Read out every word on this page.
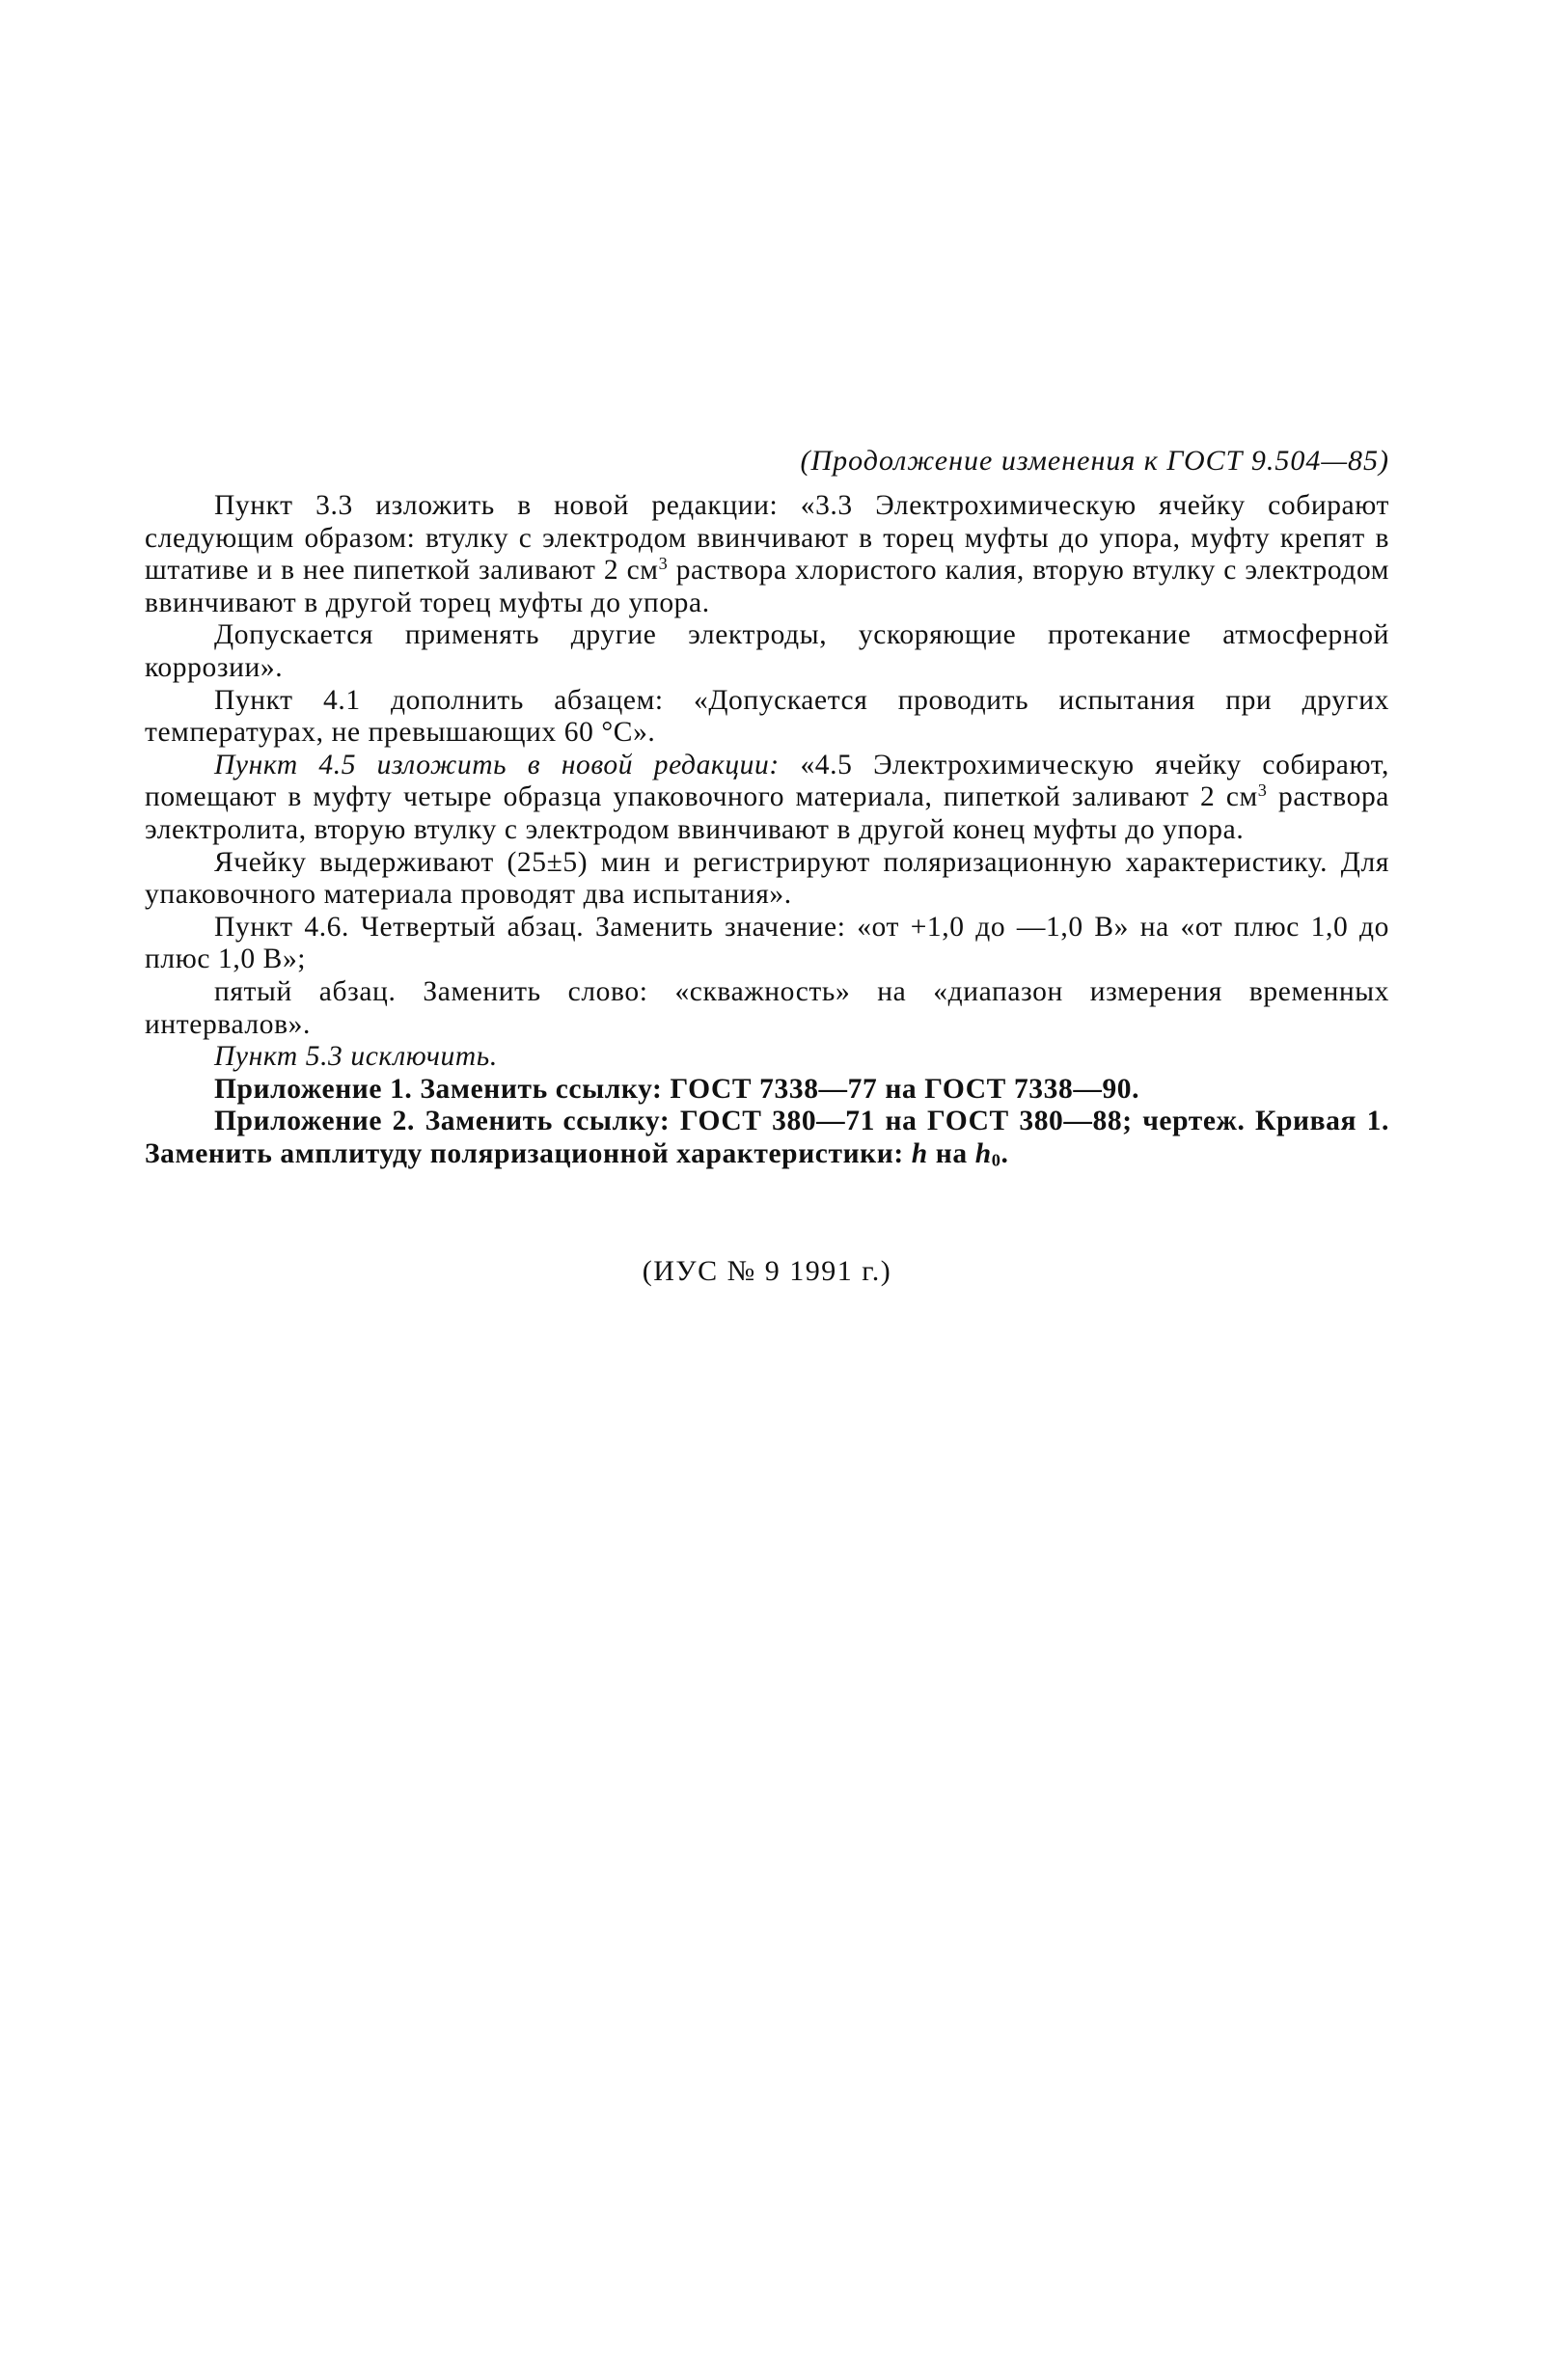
(Продолжение изменения к ГОСТ 9.504—85)

Пункт 3.3 изложить в новой редакции: «3.3 Электрохимическую ячейку собирают следующим образом: втулку с электродом ввинчивают в торец муфты до упора, муфту крепят в штативе и в нее пипеткой заливают 2 $см^3$ раствора хлористого калия, вторую втулку с электродом ввинчивают в другой торец муфты до упора.

Допускается применять другие электроды, ускоряющие протекание атмосферной коррозии».

Пункт 4.1 дополнить абзацем: «Допускается проводить испытания при других температурах, не превышающих 60 °С».

Пункт 4.5 изложить в новой редакции: «4.5 Электрохимическую ячейку собирают, помещают в муфту четыре образца упаковочного материала, пипеткой заливают 2 $см^3$ раствора электролита, вторую втулку с электродом ввинчивают в другой конец муфты до упора.

Ячейку выдерживают (25±5) мин и регистрируют поляризационную характеристику. Для упаковочного материала проводят два испытания».

Пункт 4.6. Четвертый абзац. Заменить значение: «от +1,0 до —1,0 В» на «от плюс 1,0 до плюс 1,0 В»;

пятый абзац. Заменить слово: «скважность» на «диапазон измерения временных интервалов».

Пункт 5.3 исключить.

Приложение 1. Заменить ссылку: ГОСТ 7338—77 на ГОСТ 7338—90.

Приложение 2. Заменить ссылку: ГОСТ 380—71 на ГОСТ 380—88; чертеж. Кривая 1. Заменить амплитуду поляризационной характеристики: h на $h_0$.

(ИУС № 9 1991 г.)
